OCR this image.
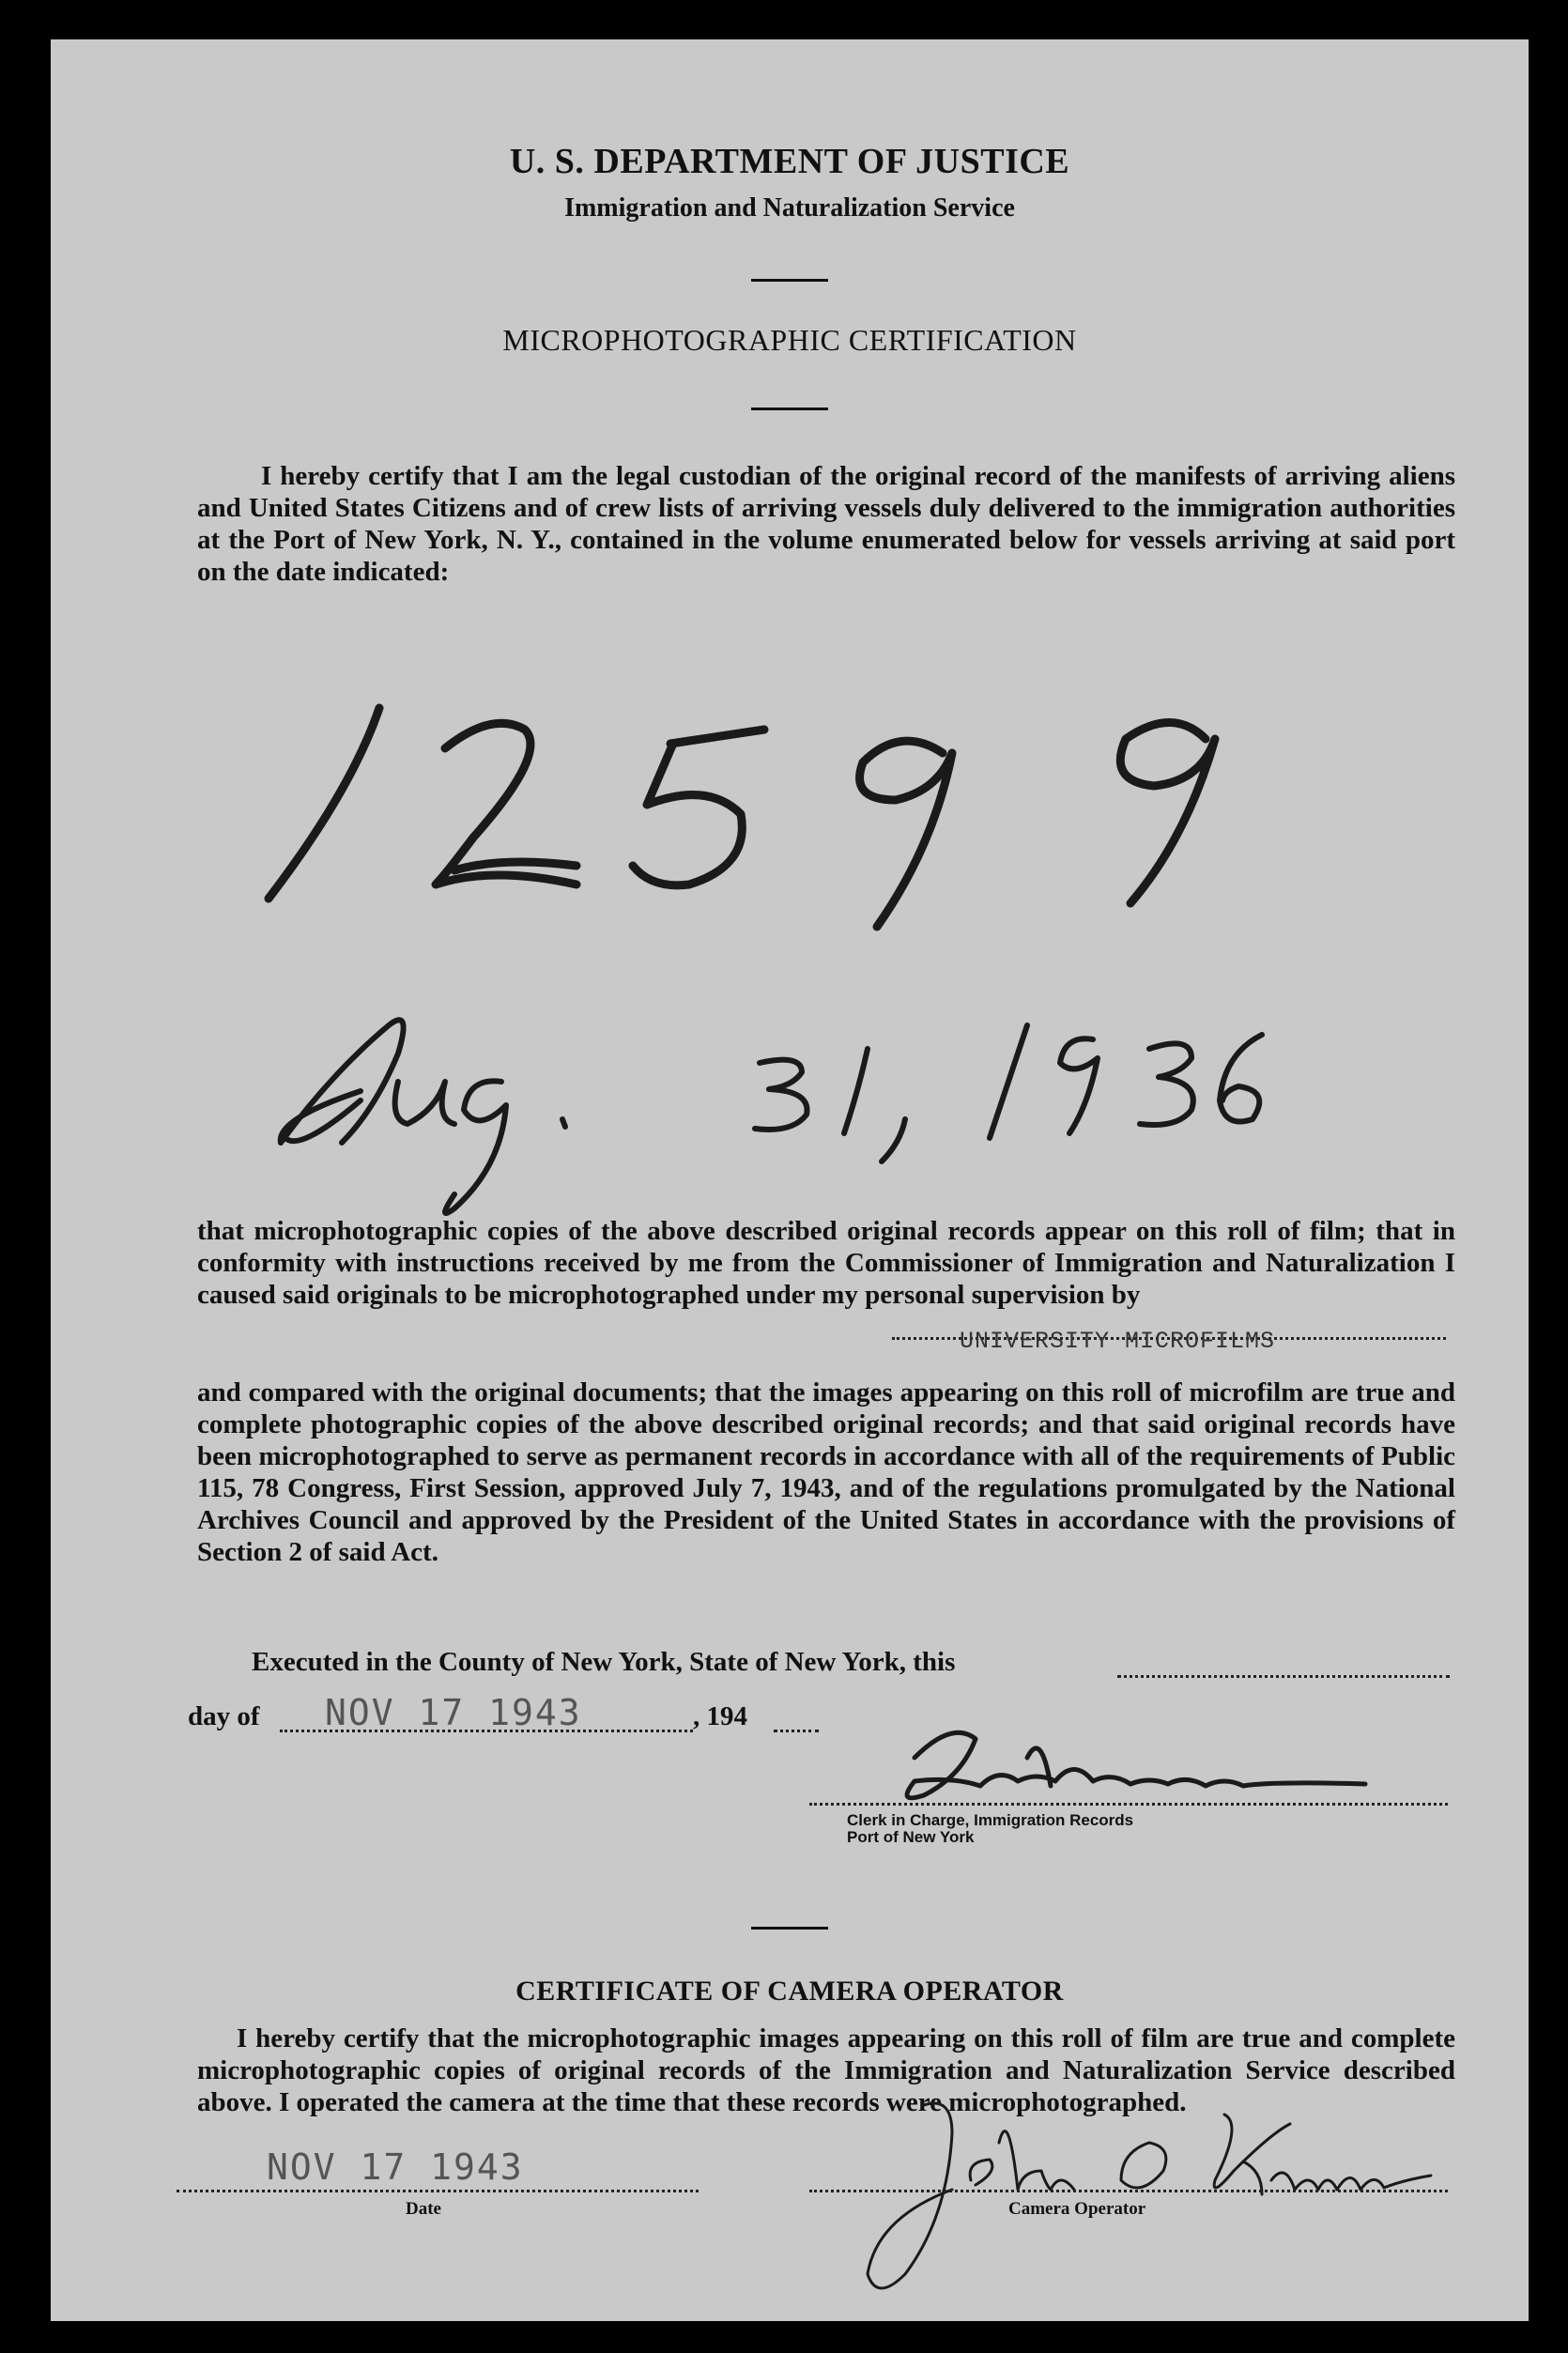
U. S. DEPARTMENT OF JUSTICE
Immigration and Naturalization Service
MICROPHOTOGRAPHIC CERTIFICATION
I hereby certify that I am the legal custodian of the original record of the manifests of arriving aliens and United States Citizens and of crew lists of arriving vessels duly delivered to the immigration authorities at the Port of New York, N. Y., contained in the volume enumerated below for vessels arriving at said port on the date indicated:
that microphotographic copies of the above described original records appear on this roll of film; that in conformity with instructions received by me from the Commissioner of Immigration and Naturalization I caused said originals to be microphotographed under my personal supervision by
UNIVERSITY MICROFILMS
and compared with the original documents; that the images appearing on this roll of microfilm are true and complete photographic copies of the above described original records; and that said original records have been microphotographed to serve as permanent records in accordance with all of the requirements of Public 115, 78 Congress, First Session, approved July 7, 1943, and of the regulations promulgated by the National Archives Council and approved by the President of the United States in accordance with the provisions of Section 2 of said Act.
Executed in the County of New York, State of New York, this
day of NOV 17 1943	, 194
Clerk in Charge, Immigration Records
Port of New York
CERTIFICATE OF CAMERA OPERATOR
I hereby certify that the microphotographic images appearing on this roll of film are true and complete microphotographic copies of original records of the Immigration and Naturalization Service described above. I operated the camera at the time that these records were microphotographed.
NOV 17 1943
Date	Camera Operator
